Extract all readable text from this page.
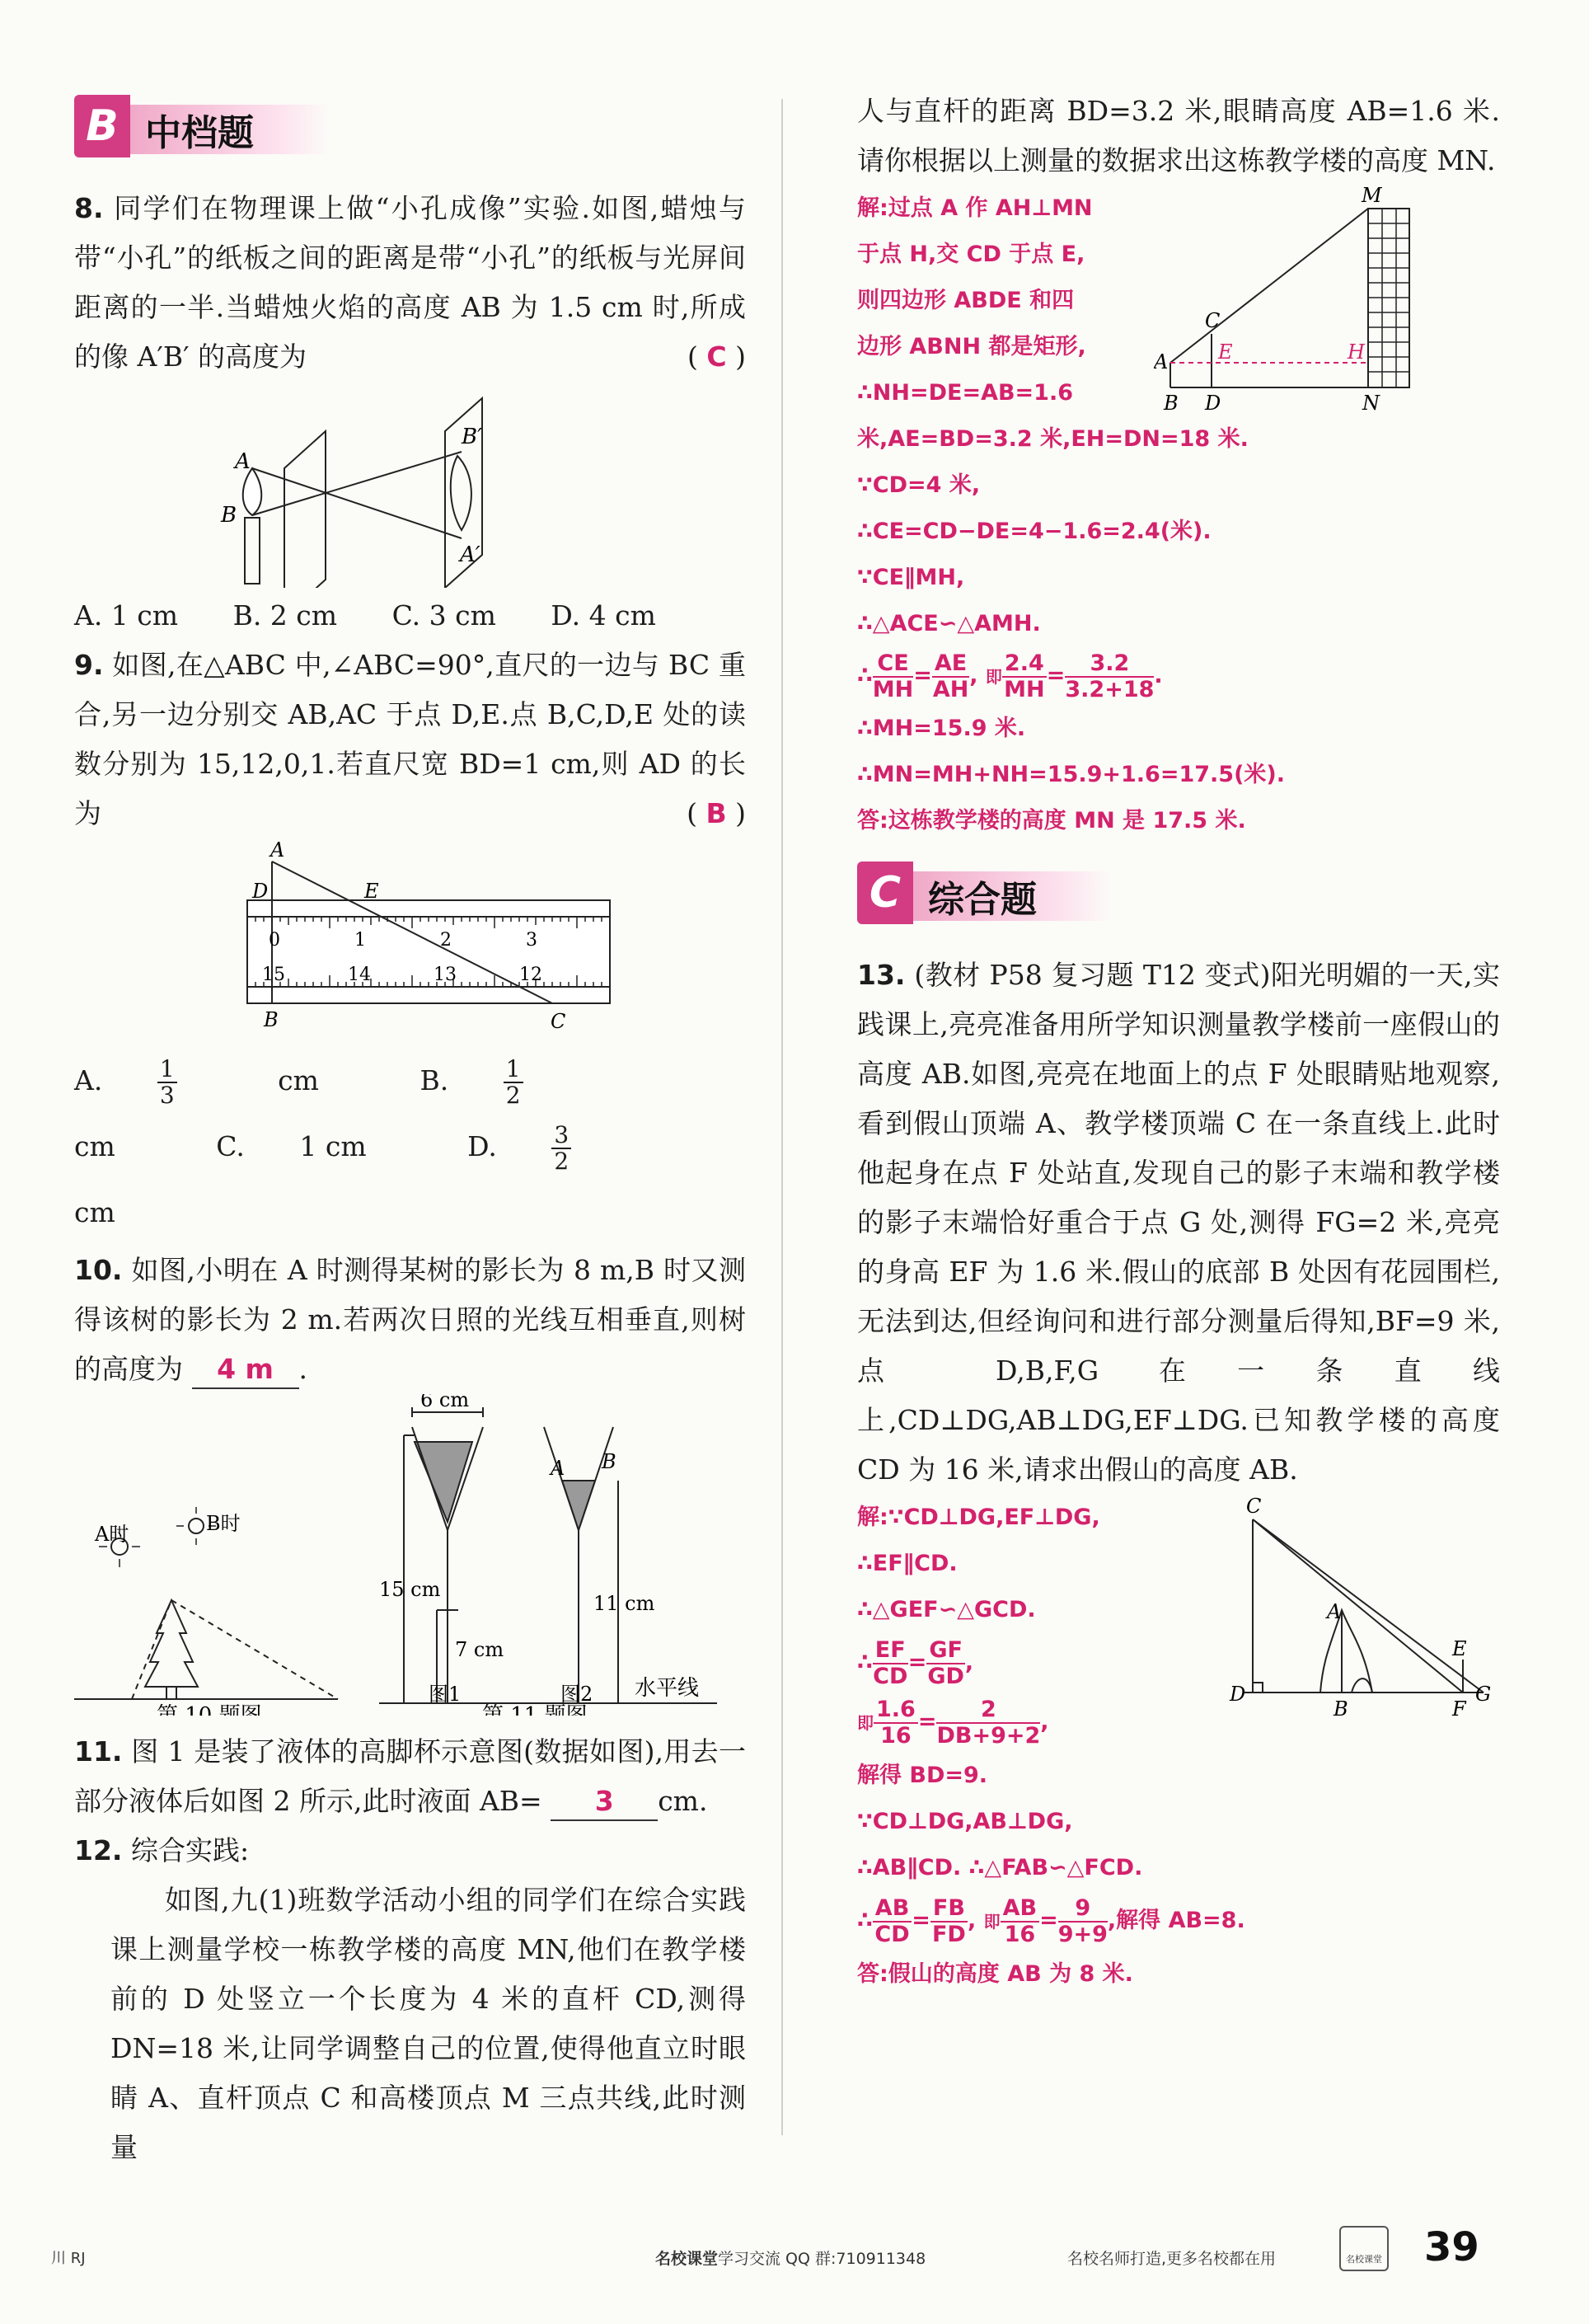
B 中档题
8. 同学们在物理课上做“小孔成像”实验.如图,蜡烛与带“小孔”的纸板之间的距离是带“小孔”的纸板与光屏间距离的一半.当蜡烛火焰的高度 AB 为 1.5 cm 时,所成的像 A′B′ 的高度为	( C )
A
B
B′
A′
A. 1 cm B. 2 cm C. 3 cm D. 4 cm
9. 如图,在△ABC 中,∠ABC=90°,直尺的一边与 BC 重合,另一边分别交 AB,AC 于点 D,E.点 B,C,D,E 处的读数分别为 15,12,0,1.若直尺宽 BD=1 cm,则 AD 的长为	( B )
A
D	E
B	C
0	1	2	3
15	14	13	12
A. $\frac{1}{3}$ cm	B. $\frac{1}{2}$
cm	C. 1 cm	D. $\frac{3}{2}$
cm
10. 如图,小明在 A 时测得某树的影长为 8 m,B 时又测得该树的影长为 2 m.若两次日照的光线互相垂直,则树的高度为 4 m .
A时	B时
第 10 题图
6 cm
15 cm
7 cm
11 cm
A B
水平线
图1	图2
第 11 题图
11. 图 1 是装了液体的高脚杯示意图(数据如图),用去一部分液体后如图 2 所示,此时液面 AB= 3 cm.
12. 综合实践:
如图,九(1)班数学活动小组的同学们在综合实践课上测量学校一栋教学楼的高度 MN,他们在教学楼前的 D 处竖立一个长度为 4 米的直杆 CD,测得 DN=18 米,让同学调整自己的位置,使得他直立时眼睛 A、直杆顶点 C 和高楼顶点 M 三点共线,此时测量
人与直杆的距离 BD=3.2 米,眼睛高度 AB=1.6 米.请你根据以上测量的数据求出这栋教学楼的高度 MN.
M
C
A	E	H
B D	N
解:过点 A 作 AH⊥MN
于点 H,交 CD 于点 E,
则四边形 ABDE 和四
边形 ABNH 都是矩形,
∴NH=DE=AB=1.6
米,AE=BD=3.2 米,EH=DN=18 米.
∵CD=4 米,
∴CE=CD−DE=4−1.6=2.4(米).
∵CE∥MH,
∴△ACE∽△AMH.
∴ $\frac{CE}{MH} = \frac{AE}{AH}$ , 即 $\frac{2.4}{MH} = \frac{3.2}{3.2+18}$ .
∴MH=15.9 米.
∴MN=MH+NH=15.9+1.6=17.5(米).
答:这栋教学楼的高度 MN 是 17.5 米.
C 综合题
13. (教材 P58 复习题 T12 变式)阳光明媚的一天,实践课上,亮亮准备用所学知识测量教学楼前一座假山的高度 AB.如图,亮亮在地面上的点 F 处眼睛贴地观察,看到假山顶端 A、教学楼顶端 C 在一条直线上.此时他起身在点 F 处站直,发现自己的影子末端和教学楼的影子末端恰好重合于点 G 处,测得 FG=2 米,亮亮的身高 EF 为 1.6 米.假山的底部 B 处因有花园围栏,无法到达,但经询问和进行部分测量后得知,BF=9 米,点 D,B,F,G 在一条直线上,CD⊥DG,AB⊥DG,EF⊥DG.已知教学楼的高度 CD 为 16 米,请求出假山的高度 AB.
C
A
E
D
B	F
G
解:∵CD⊥DG,EF⊥DG,
∴EF∥CD.
∴△GEF∽△GCD.
∴ $\frac{EF}{CD} = \frac{GF}{GD}$ ,
即 $\frac{1.6}{16} = \frac{2}{DB+9+2}$ ,
解得 BD=9.
∵CD⊥DG,AB⊥DG,
∴AB∥CD. ∴△FAB∽△FCD.
∴ $\frac{AB}{CD} = \frac{FB}{FD}$ , 即 $\frac{AB}{16} = \frac{9}{9+9}$ ,解得 AB=8.
答:假山的高度 AB 为 8 米.
川 RJ	名校课堂学习交流 QQ 群:710911348	名校名师打造,更多名校都在用	名校课堂 39
